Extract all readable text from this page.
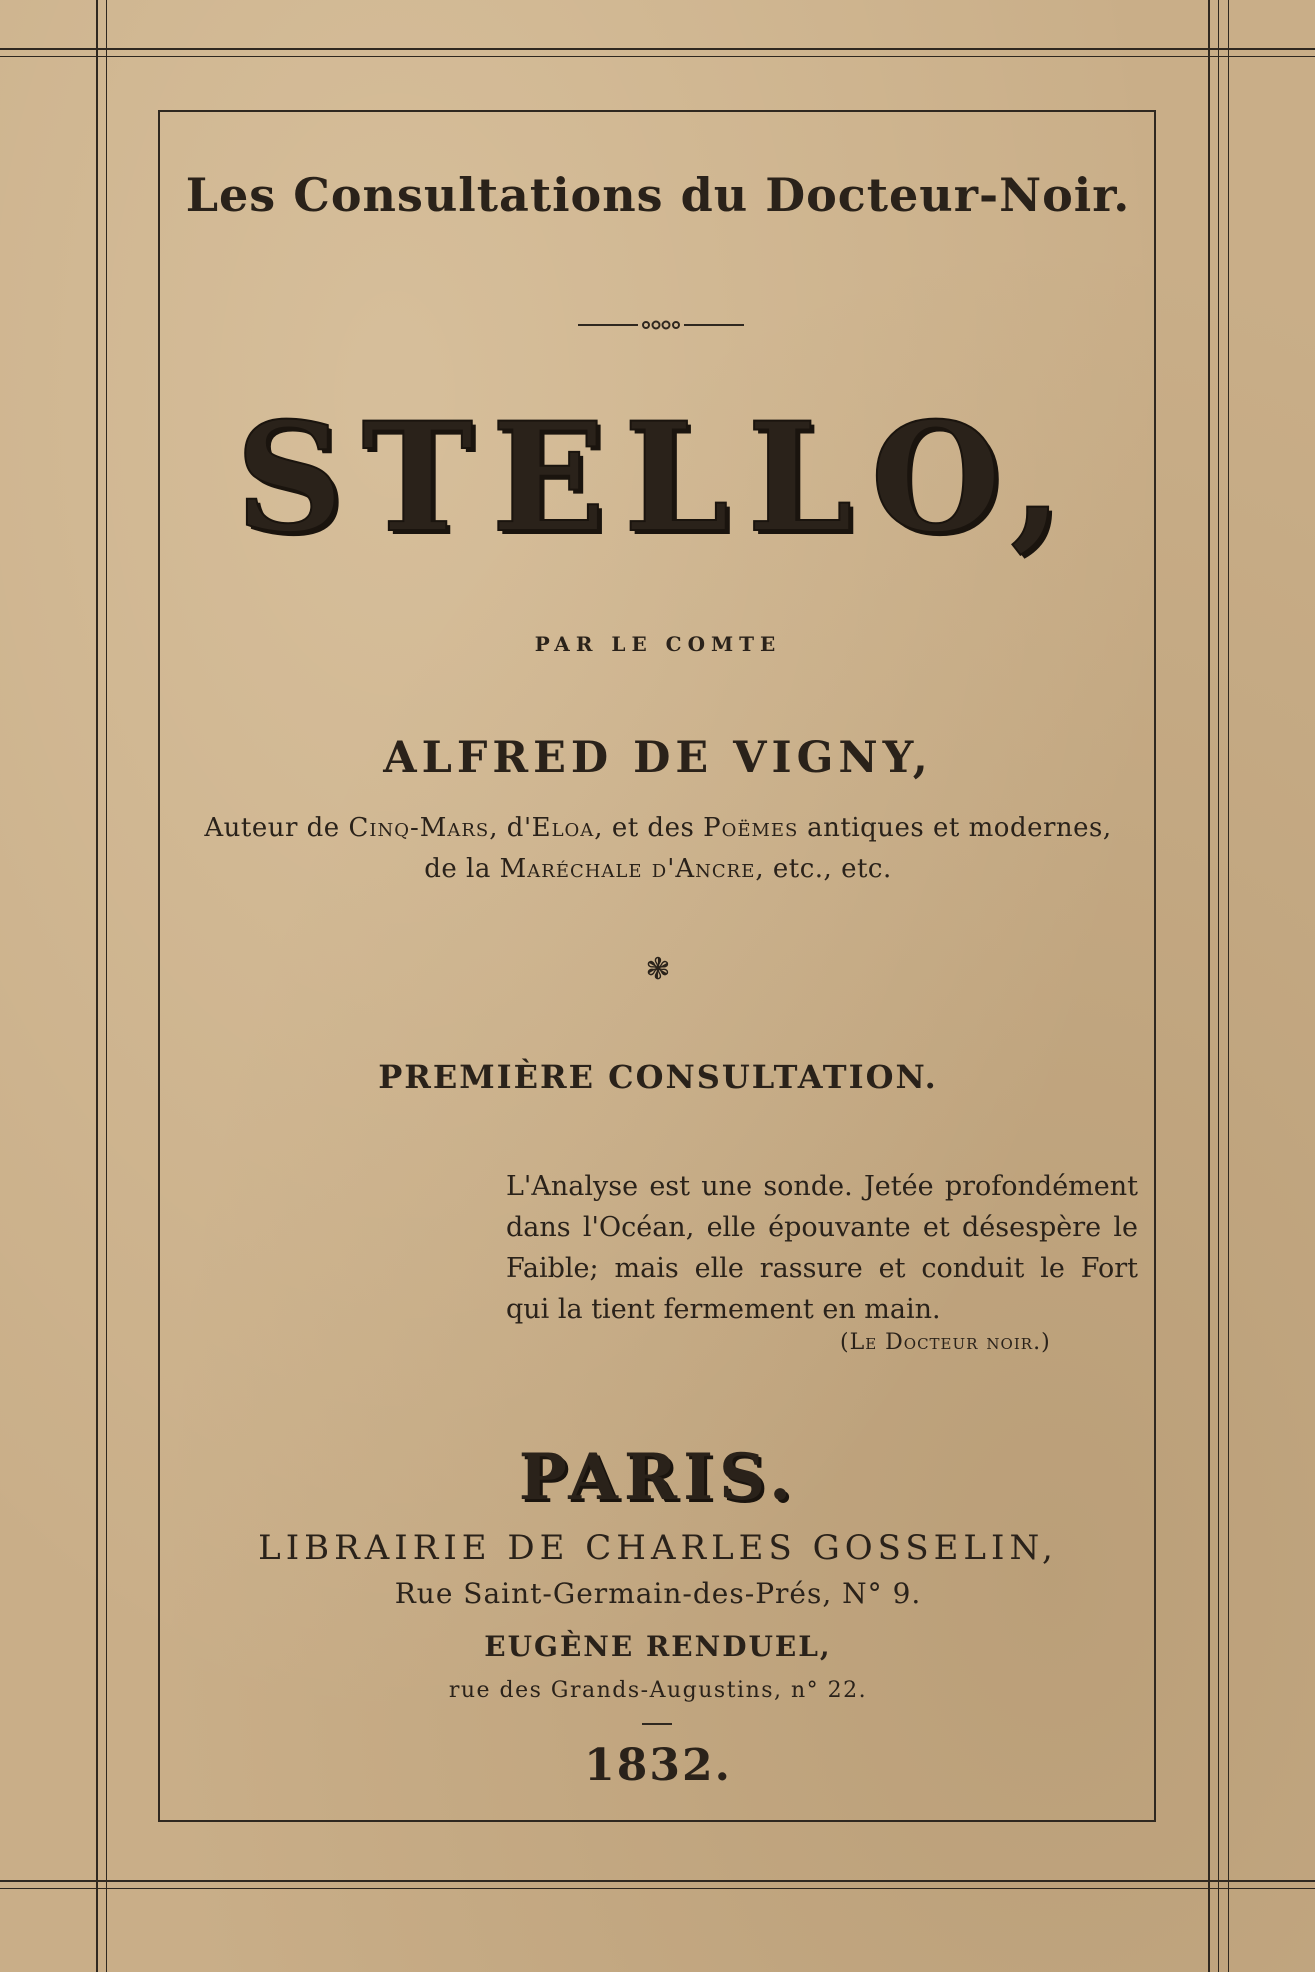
Les Consultations du Docteur-Noir.
STELLO,
PAR LE COMTE
ALFRED DE VIGNY,
Auteur de Cinq-Mars, d'Eloa, et des Poëmes antiques et modernes,
de la Maréchale d'Ancre, etc., etc.
❃
PREMIÈRE CONSULTATION.
L'Analyse est une sonde. Jetée profondément dans l'Océan, elle épouvante et désespère le Faible; mais elle rassure et conduit le Fort qui la tient fermement en main.
(Le Docteur noir.)
PARIS.
LIBRAIRIE DE CHARLES GOSSELIN,
Rue Saint-Germain-des-Prés, N° 9.
EUGÈNE RENDUEL,
rue des Grands-Augustins, n° 22.
1832.
